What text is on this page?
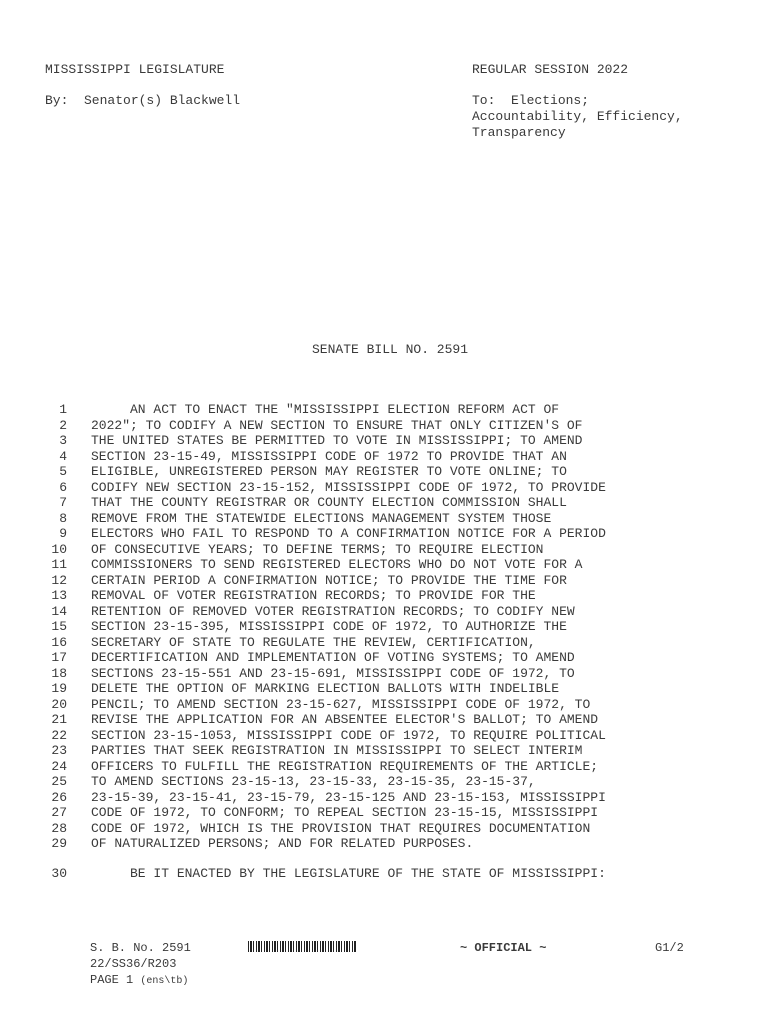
MISSISSIPPI LEGISLATURE
By:  Senator(s) Blackwell
REGULAR SESSION 2022
To:  Elections;
Accountability, Efficiency,
Transparency
SENATE BILL NO. 2591
1 AN ACT TO ENACT THE "MISSISSIPPI ELECTION REFORM ACT OF
2 2022"; TO CODIFY A NEW SECTION TO ENSURE THAT ONLY CITIZEN'S OF
3 THE UNITED STATES BE PERMITTED TO VOTE IN MISSISSIPPI; TO AMEND
4 SECTION 23-15-49, MISSISSIPPI CODE OF 1972 TO PROVIDE THAT AN
5 ELIGIBLE, UNREGISTERED PERSON MAY REGISTER TO VOTE ONLINE; TO
6 CODIFY NEW SECTION 23-15-152, MISSISSIPPI CODE OF 1972, TO PROVIDE
7 THAT THE COUNTY REGISTRAR OR COUNTY ELECTION COMMISSION SHALL
8 REMOVE FROM THE STATEWIDE ELECTIONS MANAGEMENT SYSTEM THOSE
9 ELECTORS WHO FAIL TO RESPOND TO A CONFIRMATION NOTICE FOR A PERIOD
10 OF CONSECUTIVE YEARS; TO DEFINE TERMS; TO REQUIRE ELECTION
11 COMMISSIONERS TO SEND REGISTERED ELECTORS WHO DO NOT VOTE FOR A
12 CERTAIN PERIOD A CONFIRMATION NOTICE; TO PROVIDE THE TIME FOR
13 REMOVAL OF VOTER REGISTRATION RECORDS; TO PROVIDE FOR THE
14 RETENTION OF REMOVED VOTER REGISTRATION RECORDS; TO CODIFY NEW
15 SECTION 23-15-395, MISSISSIPPI CODE OF 1972, TO AUTHORIZE THE
16 SECRETARY OF STATE TO REGULATE THE REVIEW, CERTIFICATION,
17 DECERTIFICATION AND IMPLEMENTATION OF VOTING SYSTEMS; TO AMEND
18 SECTIONS 23-15-551 AND 23-15-691, MISSISSIPPI CODE OF 1972, TO
19 DELETE THE OPTION OF MARKING ELECTION BALLOTS WITH INDELIBLE
20 PENCIL; TO AMEND SECTION 23-15-627, MISSISSIPPI CODE OF 1972, TO
21 REVISE THE APPLICATION FOR AN ABSENTEE ELECTOR'S BALLOT; TO AMEND
22 SECTION 23-15-1053, MISSISSIPPI CODE OF 1972, TO REQUIRE POLITICAL
23 PARTIES THAT SEEK REGISTRATION IN MISSISSIPPI TO SELECT INTERIM
24 OFFICERS TO FULFILL THE REGISTRATION REQUIREMENTS OF THE ARTICLE;
25 TO AMEND SECTIONS 23-15-13, 23-15-33, 23-15-35, 23-15-37,
26 23-15-39, 23-15-41, 23-15-79, 23-15-125 AND 23-15-153, MISSISSIPPI
27 CODE OF 1972, TO CONFORM; TO REPEAL SECTION 23-15-15, MISSISSIPPI
28 CODE OF 1972, WHICH IS THE PROVISION THAT REQUIRES DOCUMENTATION
29 OF NATURALIZED PERSONS; AND FOR RELATED PURPOSES.
30 BE IT ENACTED BY THE LEGISLATURE OF THE STATE OF MISSISSIPPI:
S. B. No. 2591	~ OFFICIAL ~	G1/2
22/SS36/R203
PAGE 1 (ens\tb)
